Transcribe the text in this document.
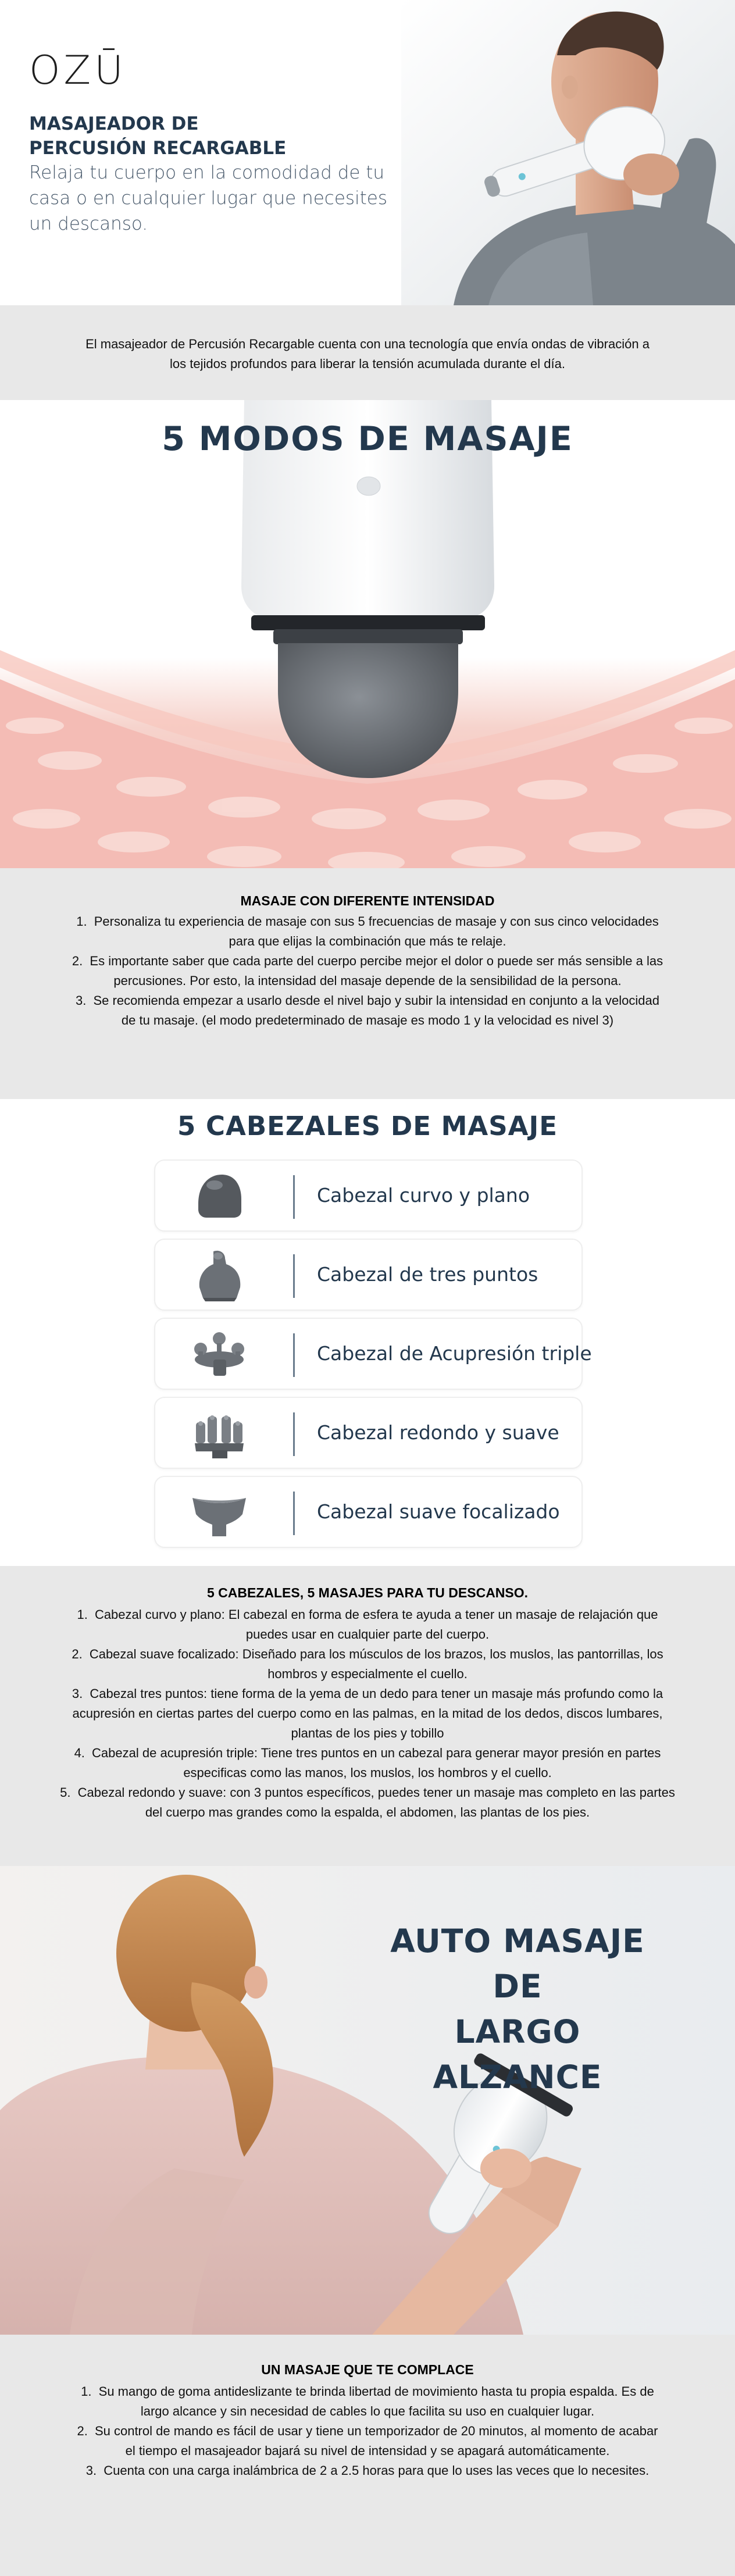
OZŪ
MASAJEADOR DE
PERCUSIÓN RECARGABLE
Relaja tu cuerpo en la comodidad de tu casa o en cualquier lugar que necesites un descanso.

El masajeador de Percusión Recargable cuenta con una tecnología que envía ondas de vibración a los tejidos profundos para liberar la tensión acumulada durante el día.

5 MODOS DE MASAJE
MASAJE CON DIFERENTE INTENSIDAD
1. Personaliza tu experiencia de masaje con sus 5 frecuencias de masaje y con sus cinco velocidades para que elijas la combinación que más te relaje.
2. Es importante saber que cada parte del cuerpo percibe mejor el dolor o puede ser más sensible a las percusiones. Por esto, la intensidad del masaje depende de la sensibilidad de la persona.
3. Se recomienda empezar a usarlo desde el nivel bajo y subir la intensidad en conjunto a la velocidad de tu masaje. (el modo predeterminado de masaje es modo 1 y la velocidad es nivel 3)
5 CABEZALES DE MASAJE
Cabezal curvo y plano
Cabezal de tres puntos
Cabezal de Acupresión triple
Cabezal redondo y suave
Cabezal suave focalizado
5 CABEZALES, 5 MASAJES PARA TU DESCANSO.
1. Cabezal curvo y plano: El cabezal en forma de esfera te ayuda a tener un masaje de relajación que puedes usar en cualquier parte del cuerpo.
2. Cabezal suave focalizado: Diseñado para los músculos de los brazos, los muslos, las pantorrillas, los hombros y especialmente el cuello.
3. Cabezal tres puntos: tiene forma de la yema de un dedo para tener un masaje más profundo como la acupresión en ciertas partes del cuerpo como en las palmas, en la mitad de los dedos, discos lumbares, plantas de los pies y tobillo
4. Cabezal de acupresión triple: Tiene tres puntos en un cabezal para generar mayor presión en partes especificas como las manos, los muslos, los hombros y el cuello.
5. Cabezal redondo y suave: con 3 puntos específicos, puedes tener un masaje mas completo en las partes del cuerpo mas grandes como la espalda, el abdomen, las plantas de los pies.
AUTO MASAJE DE
LARGO ALZANCE
UN MASAJE QUE TE COMPLACE
1. Su mango de goma antideslizante te brinda libertad de movimiento hasta tu propia espalda. Es de largo alcance y sin necesidad de cables lo que facilita su uso en cualquier lugar.
2. Su control de mando es fácil de usar y tiene un temporizador de 20 minutos, al momento de acabar el tiempo el masajeador bajará su nivel de intensidad y se apagará automáticamente.
3. Cuenta con una carga inalámbrica de 2 a 2.5 horas para que lo uses las veces que lo necesites.
